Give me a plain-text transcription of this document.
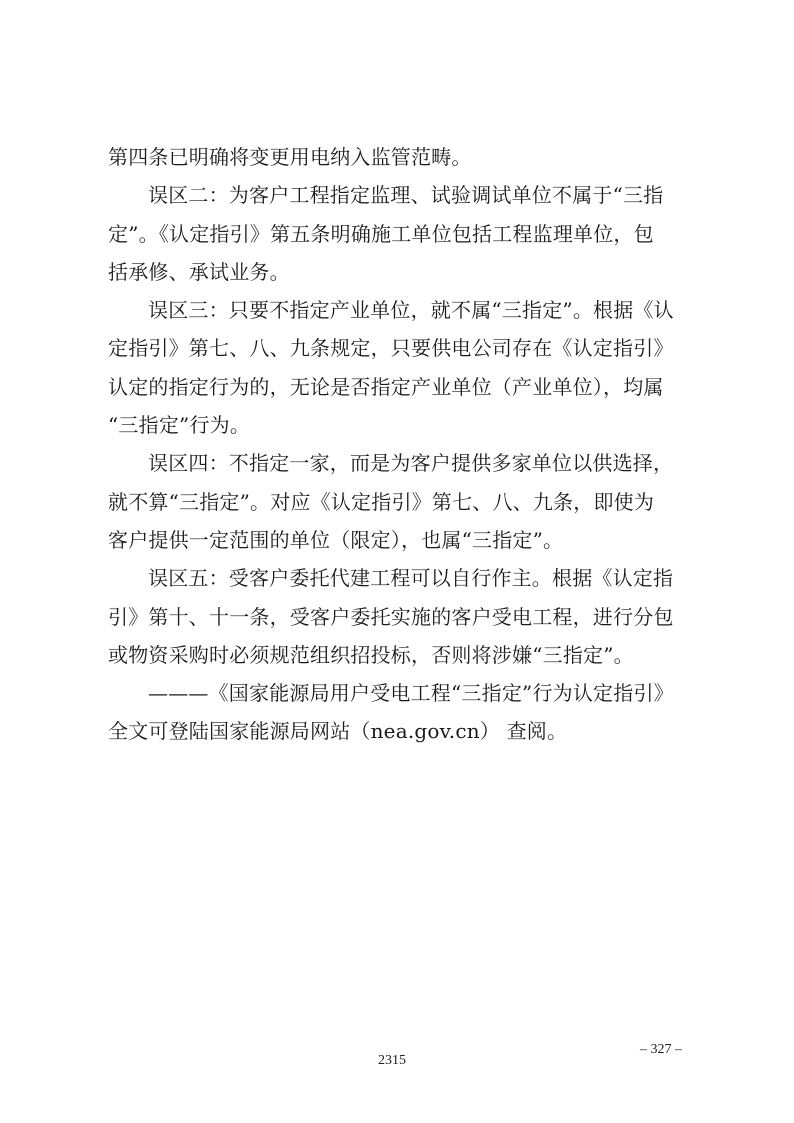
第四条已明确将变更用电纳入监管范畴。
误区二：为客户工程指定监理、试验调试单位不属于“三指
定”。《认定指引》第五条明确施工单位包括工程监理单位，包
括承修、承试业务。
误区三：只要不指定产业单位，就不属“三指定”。根据《认
定指引》第七、八、九条规定，只要供电公司存在《认定指引》
认定的指定行为的，无论是否指定产业单位（产业单位），均属
“三指定”行为。
误区四：不指定一家，而是为客户提供多家单位以供选择，
就不算“三指定”。对应《认定指引》第七、八、九条，即使为
客户提供一定范围的单位（限定），也属“三指定”。
误区五：受客户委托代建工程可以自行作主。根据《认定指
引》第十、十一条，受客户委托实施的客户受电工程，进行分包
或物资采购时必须规范组织招投标，否则将涉嫌“三指定”。
———《国家能源局用户受电工程“三指定”行为认定指引》
全文可登陆国家能源局网站（nea.gov.cn） 查阅。
– 327 –
2315
